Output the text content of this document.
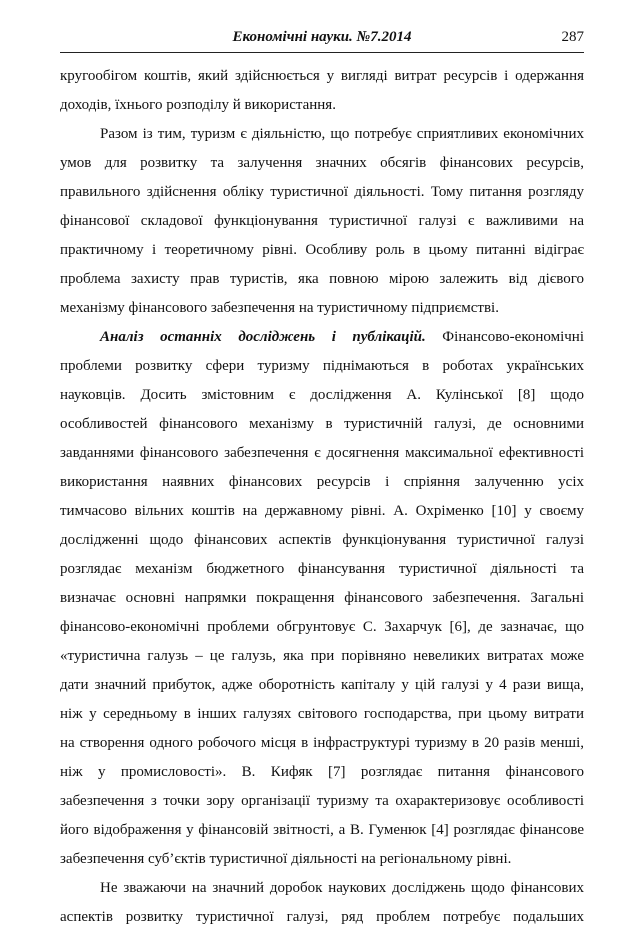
Економічні науки. №7.2014	287
кругообігом коштів, який здійснюється у вигляді витрат ресурсів і одержання
доходів, їхнього розподілу й використання.
Разом із тим, туризм є діяльністю, що потребує сприятливих економічних
умов для розвитку та залучення значних обсягів фінансових ресурсів,
правильного здійснення обліку туристичної діяльності. Тому питання розгляду
фінансової складової функціонування туристичної галузі є важливими на
практичному і теоретичному рівні. Особливу роль в цьому питанні відіграє
проблема захисту прав туристів, яка повною мірою залежить від дієвого
механізму фінансового забезпечення на туристичному підприємстві.
Аналіз останніх досліджень і публікацій. Фінансово-економічні
проблеми розвитку сфери туризму піднімаються в роботах українських
науковців. Досить змістовним є дослідження А. Кулінської [8] щодо
особливостей фінансового механізму в туристичній галузі, де основними
завданнями фінансового забезпечення є досягнення максимальної ефективності
використання наявних фінансових ресурсів і спріяння залученню усіх
тимчасово вільних коштів на державному рівні. А. Охріменко [10] у своєму
дослідженні щодо фінансових аспектів функціонування туристичної галузі
розглядає механізм бюджетного фінансування туристичної діяльності та
визначає основні напрямки покращення фінансового забезпечення. Загальні
фінансово-економічні проблеми обгрунтовує С. Захарчук [6], де зазначає, що
«туристична галузь – це галузь, яка при порівняно невеликих витратах може
дати значний прибуток, адже оборотність капіталу у цій галузі у 4 рази вища,
ніж у середньому в інших галузях світового господарства, при цьому витрати
на створення одного робочого місця в інфраструктурі туризму в 20 разів менші,
ніж у промисловості». В. Кифяк [7] розглядає питання фінансового
забезпечення з точки зору організації туризму та охарактеризовує особливості
його відображення у фінансовій звітності, а В. Гуменюк [4] розглядає фінансове
забезпечення суб’єктів туристичної діяльності на регіональному рівні.
Не зважаючи на значний доробок наукових досліджень щодо фінансових
аспектів розвитку туристичної галузі, ряд проблем потребує подальших
